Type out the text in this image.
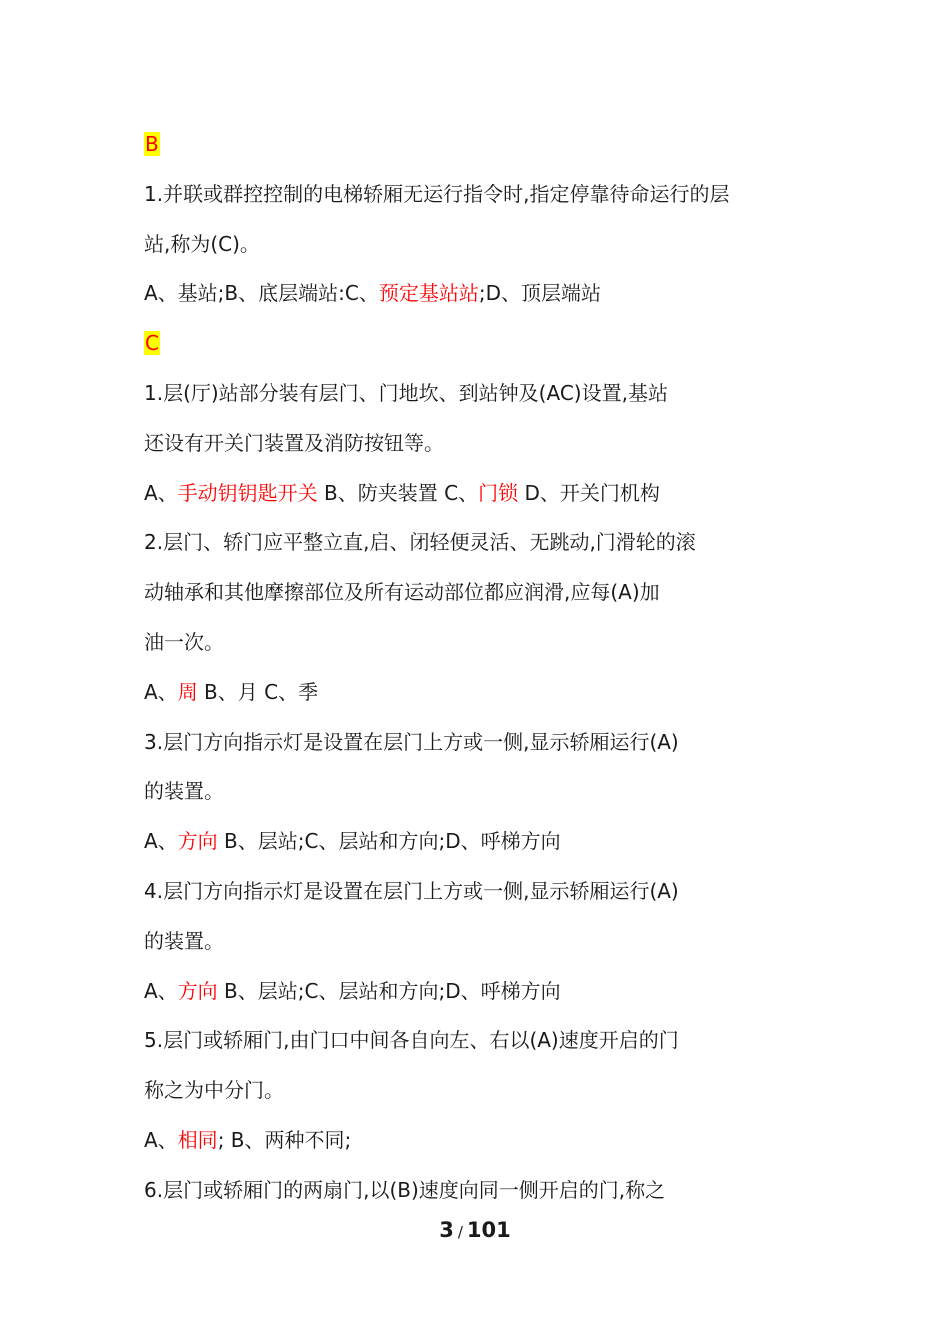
B
1.并联或群控控制的电梯轿厢无运行指令时,指定停靠待命运行的层
站,称为(C)。
A、基站;B、底层端站:C、预定基站站;D、顶层端站
C
1.层(厅)站部分装有层门、门地坎、到站钟及(AC)设置,基站
还设有开关门装置及消防按钮等。
A、手动钥钥匙开关 B、防夹装置 C、门锁 D、开关门机构
2.层门、轿门应平整立直,启、闭轻便灵活、无跳动,门滑轮的滚
动轴承和其他摩擦部位及所有运动部位都应润滑,应每(A)加
油一次。
A、周 B、月 C、季
3.层门方向指示灯是设置在层门上方或一侧,显示轿厢运行(A)
的装置。
A、方向 B、层站;C、层站和方向;D、呼梯方向
4.层门方向指示灯是设置在层门上方或一侧,显示轿厢运行(A)
的装置。
A、方向 B、层站;C、层站和方向;D、呼梯方向
5.层门或轿厢门,由门口中间各自向左、右以(A)速度开启的门
称之为中分门。
A、相同; B、两种不同;
6.层门或轿厢门的两扇门,以(B)速度向同一侧开启的门,称之
3 / 101
